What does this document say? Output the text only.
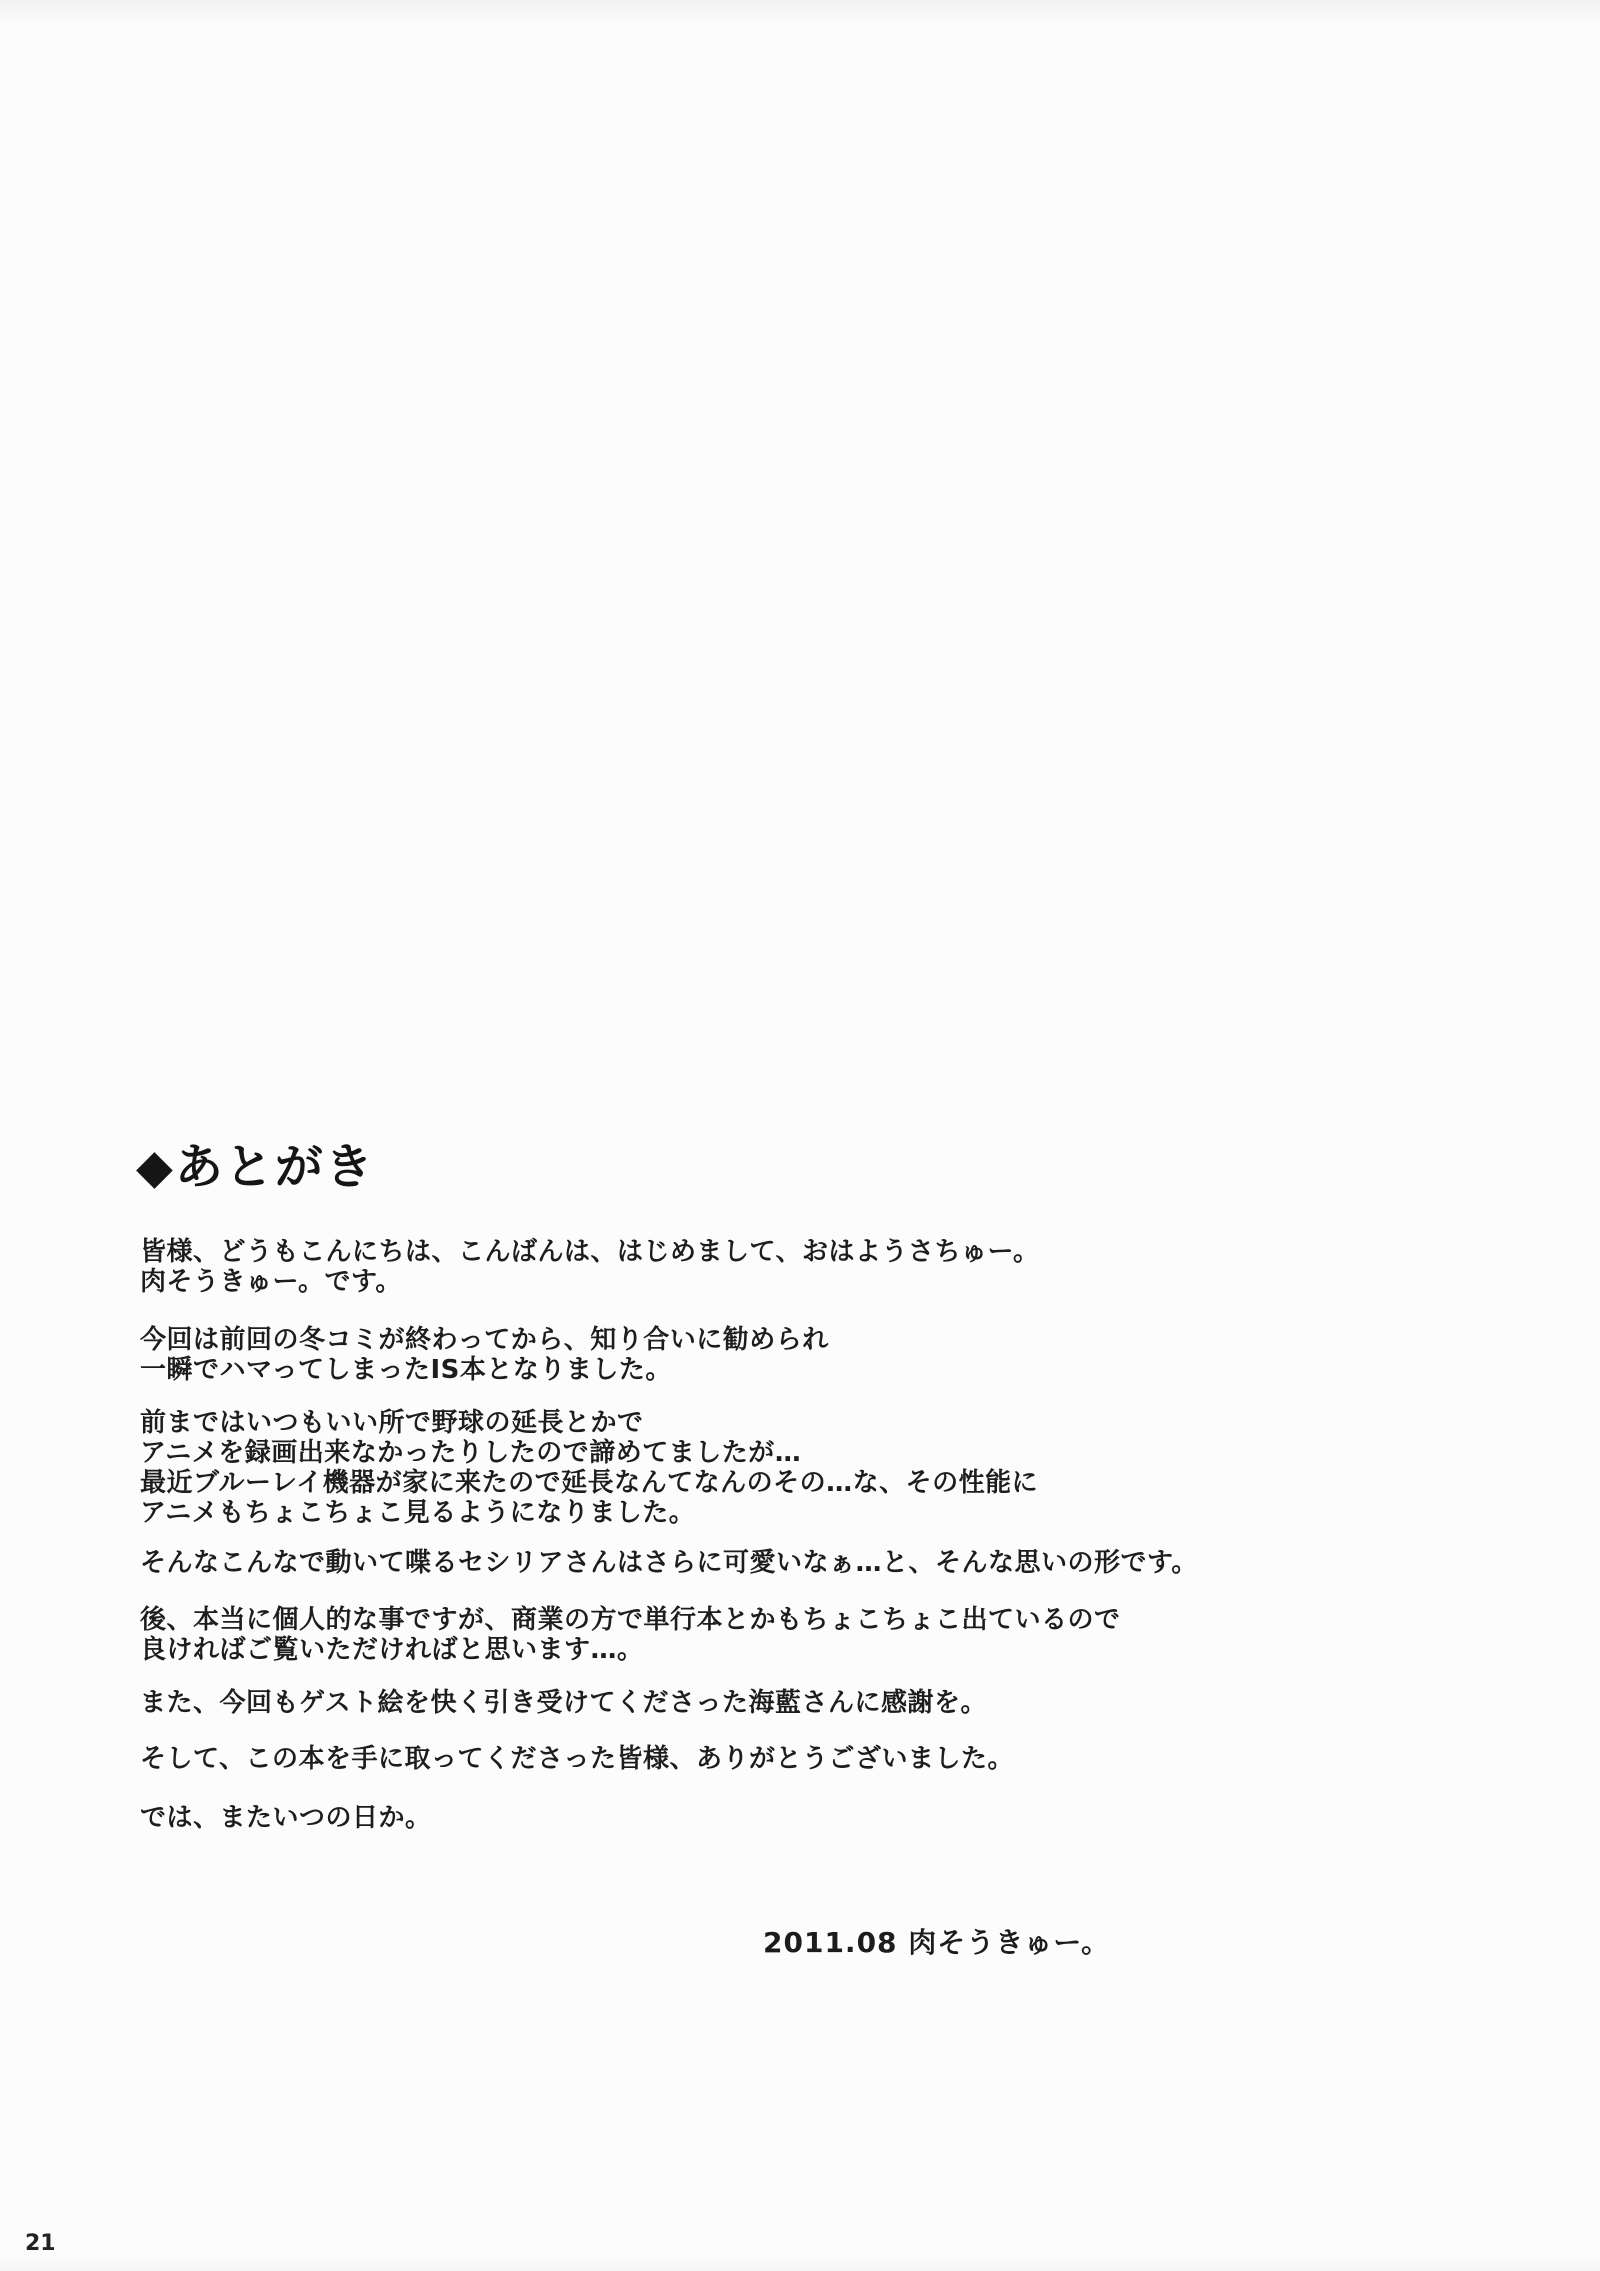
◆あとがき
皆様、どうもこんにちは、こんばんは、はじめまして、おはようさちゅー。
肉そうきゅー。です。
今回は前回の冬コミが終わってから、知り合いに勧められ
一瞬でハマってしまったIS本となりました。
前まではいつもいい所で野球の延長とかで
アニメを録画出来なかったりしたので諦めてましたが…
最近ブルーレイ機器が家に来たので延長なんてなんのその…な、その性能に
アニメもちょこちょこ見るようになりました。
そんなこんなで動いて喋るセシリアさんはさらに可愛いなぁ…と、そんな思いの形です。
後、本当に個人的な事ですが、商業の方で単行本とかもちょこちょこ出ているので
良ければご覧いただければと思います…。
また、今回もゲスト絵を快く引き受けてくださった海藍さんに感謝を。
そして、この本を手に取ってくださった皆様、ありがとうございました。
では、またいつの日か。
2011.08 肉そうきゅー。
21
